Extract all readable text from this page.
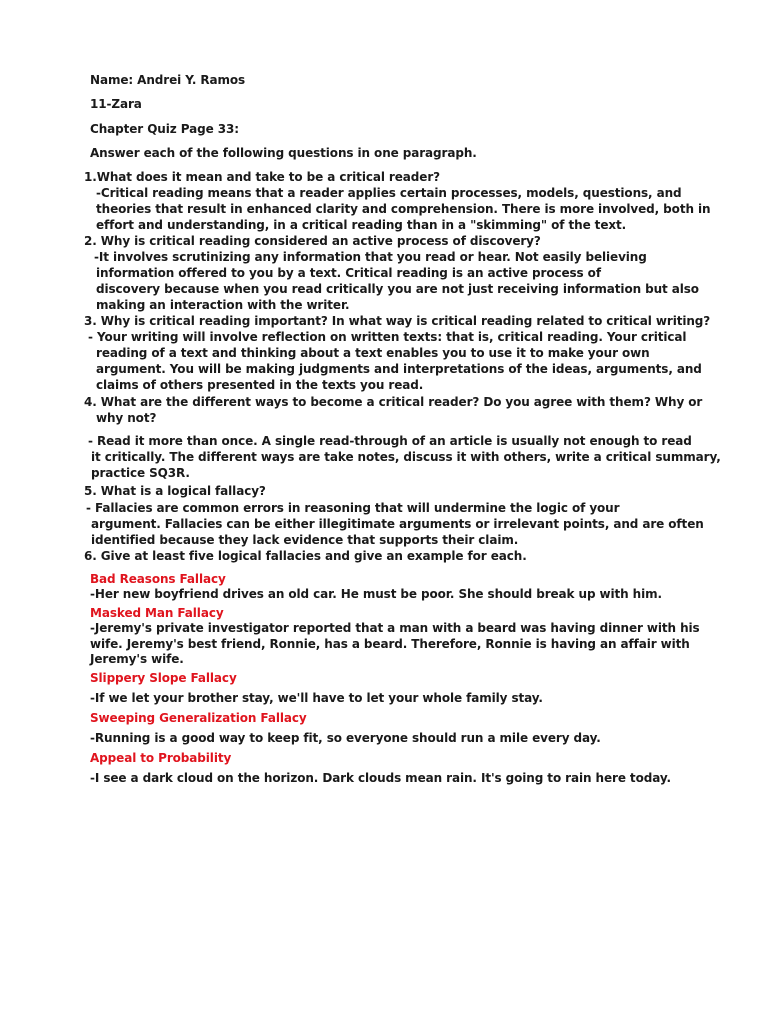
Name: Andrei Y. Ramos
11-Zara
Chapter Quiz Page 33:
Answer each of the following questions in one paragraph.
1.What does it mean and take to be a critical reader?
-Critical reading means that a reader applies certain processes, models, questions, and
theories that result in enhanced clarity and comprehension. There is more involved, both in
effort and understanding, in a critical reading than in a "skimming" of the text.
2. Why is critical reading considered an active process of discovery?
-It involves scrutinizing any information that you read or hear. Not easily believing
information offered to you by a text. Critical reading is an active process of
discovery because when you read critically you are not just receiving information but also
making an interaction with the writer.
3. Why is critical reading important? In what way is critical reading related to critical writing?
- Your writing will involve reflection on written texts: that is, critical reading. Your critical
reading of a text and thinking about a text enables you to use it to make your own
argument. You will be making judgments and interpretations of the ideas, arguments, and
claims of others presented in the texts you read.
4. What are the different ways to become a critical reader? Do you agree with them? Why or
why not?
- Read it more than once. A single read-through of an article is usually not enough to read
it critically. The different ways are take notes, discuss it with others, write a critical summary,
practice SQ3R.
5. What is a logical fallacy?
- Fallacies are common errors in reasoning that will undermine the logic of your
argument. Fallacies can be either illegitimate arguments or irrelevant points, and are often
identified because they lack evidence that supports their claim.
6. Give at least five logical fallacies and give an example for each.
Bad Reasons Fallacy
-Her new boyfriend drives an old car. He must be poor. She should break up with him.
Masked Man Fallacy
-Jeremy's private investigator reported that a man with a beard was having dinner with his
wife. Jeremy's best friend, Ronnie, has a beard. Therefore, Ronnie is having an affair with
Jeremy's wife.
Slippery Slope Fallacy
-If we let your brother stay, we'll have to let your whole family stay.
Sweeping Generalization Fallacy
-Running is a good way to keep fit, so everyone should run a mile every day.
Appeal to Probability
-I see a dark cloud on the horizon. Dark clouds mean rain. It's going to rain here today.
